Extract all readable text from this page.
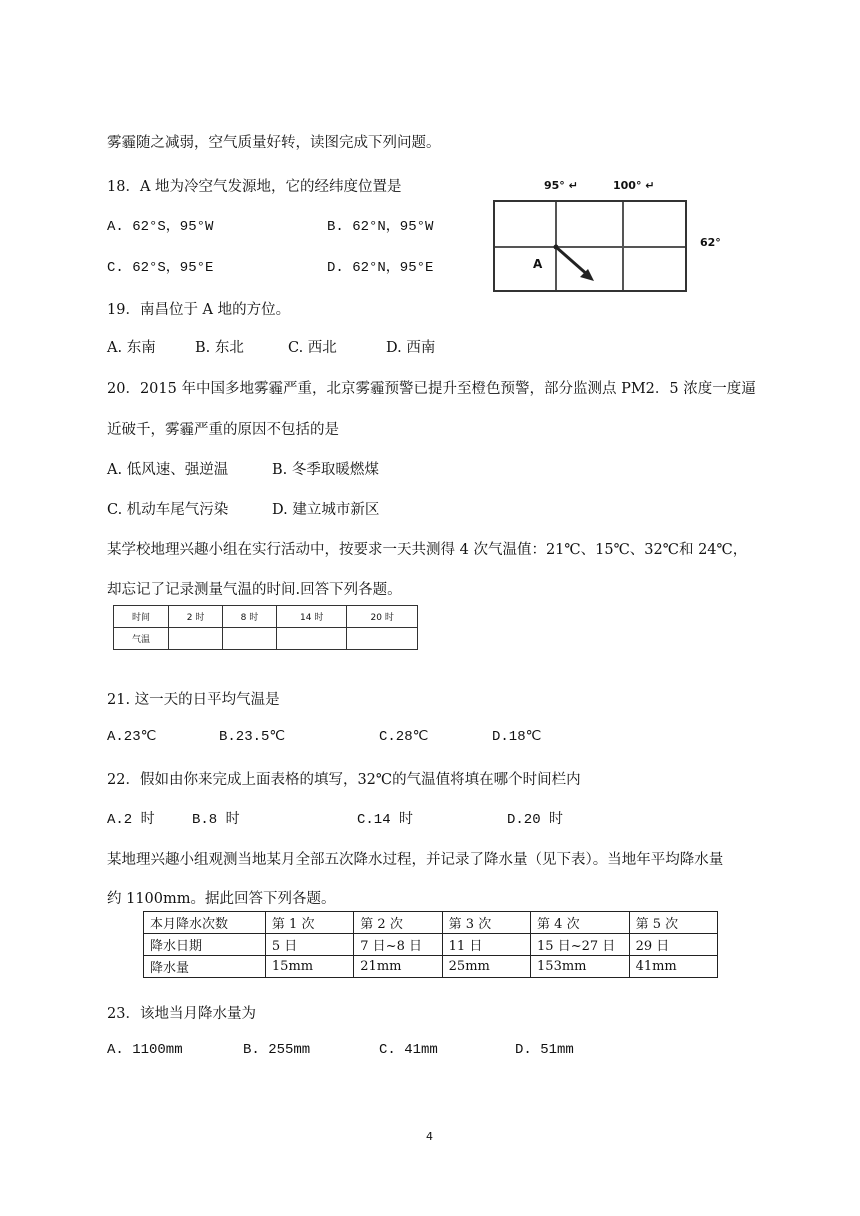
雾霾随之减弱，空气质量好转，读图完成下列问题。
18．A 地为冷空气发源地，它的经纬度位置是
A. 62°S，95°W	B. 62°N，95°W
C. 62°S，95°E	D. 62°N，95°E
95° ↵	100° ↵
62°
A
19．南昌位于 A 地的方位。
A. 东南	B. 东北	C. 西北	D. 西南
20．2015 年中国多地雾霾严重，北京雾霾预警已提升至橙色预警，部分监测点 PM2．5 浓度一度逼
近破千，雾霾严重的原因不包括的是
A. 低风速、强逆温	B. 冬季取暖燃煤
C. 机动车尾气污染	D. 建立城市新区
某学校地理兴趣小组在实行活动中，按要求一天共测得 4 次气温值：21℃、15℃、32℃和 24℃，
却忘记了记录测量气温的时间.回答下列各题。
时间	2 时	8 时	14 时	20 时
气温				
21. 这一天的日平均气温是
A.23℃	B.23.5℃	C.28℃	D.18℃
22．假如由你来完成上面表格的填写，32℃的气温值将填在哪个时间栏内
A.2 时	B.8 时	C.14 时	D.20 时
某地理兴趣小组观测当地某月全部五次降水过程，并记录了降水量（见下表）。当地年平均降水量
约 1100mm。据此回答下列各题。
本月降水次数	第 1 次	第 2 次	第 3 次	第 4 次	第 5 次
降水日期	5 日	7 日~8 日	11 日	15 日~27 日	29 日
降水量	15mm	21mm	25mm	153mm	41mm
23．该地当月降水量为
A. 1100mm	B. 255mm	C. 41mm	D. 51mm
4
